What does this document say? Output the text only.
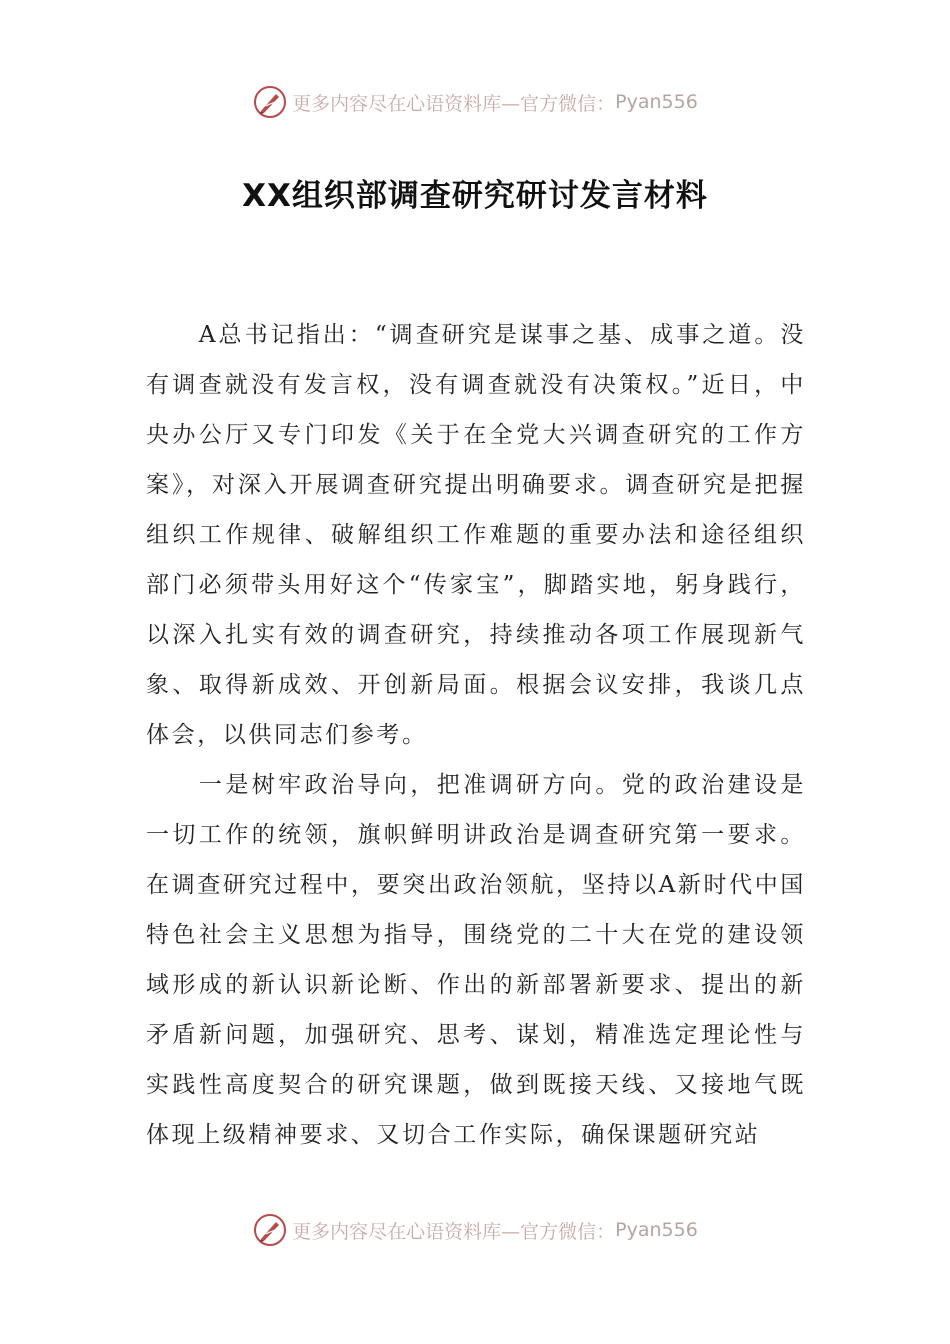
更多内容尽在心语资料库—官方微信： Pyan556
XX组织部调查研究研讨发言材料

A总书记指出：“调查研究是谋事之基、成事之道。没有调查就没有发言权，没有调查就没有决策权。”近日，中央办公厅又专门印发《关于在全党大兴调查研究的工作方案》，对深入开展调查研究提出明确要求。调查研究是把握组织工作规律、破解组织工作难题的重要办法和途径组织部门必须带头用好这个“传家宝”，脚踏实地，躬身践行，以深入扎实有效的调查研究，持续推动各项工作展现新气象、取得新成效、开创新局面。根据会议安排，我谈几点体会，以供同志们参考。

一是树牢政治导向，把准调研方向。党的政治建设是一切工作的统领，旗帜鲜明讲政治是调查研究第一要求。在调查研究过程中，要突出政治领航，坚持以A新时代中国特色社会主义思想为指导，围绕党的二十大在党的建设领域形成的新认识新论断、作出的新部署新要求、提出的新矛盾新问题，加强研究、思考、谋划，精准选定理论性与实践性高度契合的研究课题，做到既接天线、又接地气既体现上级精神要求、又切合工作实际，确保课题研究站

更多内容尽在心语资料库—官方微信： Pyan556
